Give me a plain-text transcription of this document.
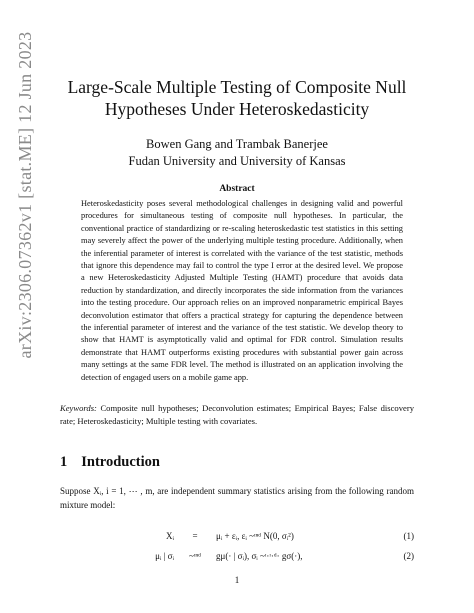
arXiv:2306.07362v1 [stat.ME] 12 Jun 2023	Large-Scale Multiple Testing of Composite Null
Hypotheses Under Heteroskedasticity
Bowen Gang and Trambak Banerjee
Fudan University and University of Kansas
Abstract

Heteroskedasticity poses several methodological challenges in designing valid and powerful procedures for simultaneous testing of composite null hypotheses. In particular, the conventional practice of standardizing or re-scaling heteroskedastic test statistics in this setting may severely affect the power of the underlying multiple testing procedure. Additionally, when the inferential parameter of interest is correlated with the variance of the test statistic, methods that ignore this dependence may fail to control the type I error at the desired level. We propose a new Heteroskedasticity Adjusted Multiple Testing (HAMT) procedure that avoids data reduction by standardization, and directly incorporates the side information from the variances into the testing procedure. Our approach relies on an improved nonparametric empirical Bayes deconvolution estimator that offers a practical strategy for capturing the dependence between the inferential parameter of interest and the variance of the test statistic. We develop theory to show that HAMT is asymptotically valid and optimal for FDR control. Simulation results demonstrate that HAMT outperforms existing procedures with substantial power gain across many settings at the same FDR level. The method is illustrated on an application involving the detection of engaged users on a mobile game app.

Keywords: Composite null hypotheses; Deconvolution estimates; Empirical Bayes; False discovery rate; Heteroskedasticity; Multiple testing with covariates.

1 Introduction

Suppose Xᵢ, i = 1, ⋯ , m, are independent summary statistics arising from the following random mixture model:

Xᵢ	=	μᵢ + εᵢ, εᵢ ~ᶦⁿᵈ N(0, σᵢ²)	(1)
μᵢ | σᵢ	~ᶦⁿᵈ	gμ(· | σᵢ), σᵢ ~ᶦ·ᶦ·ᵈ· gσ(·),	(2)
1
